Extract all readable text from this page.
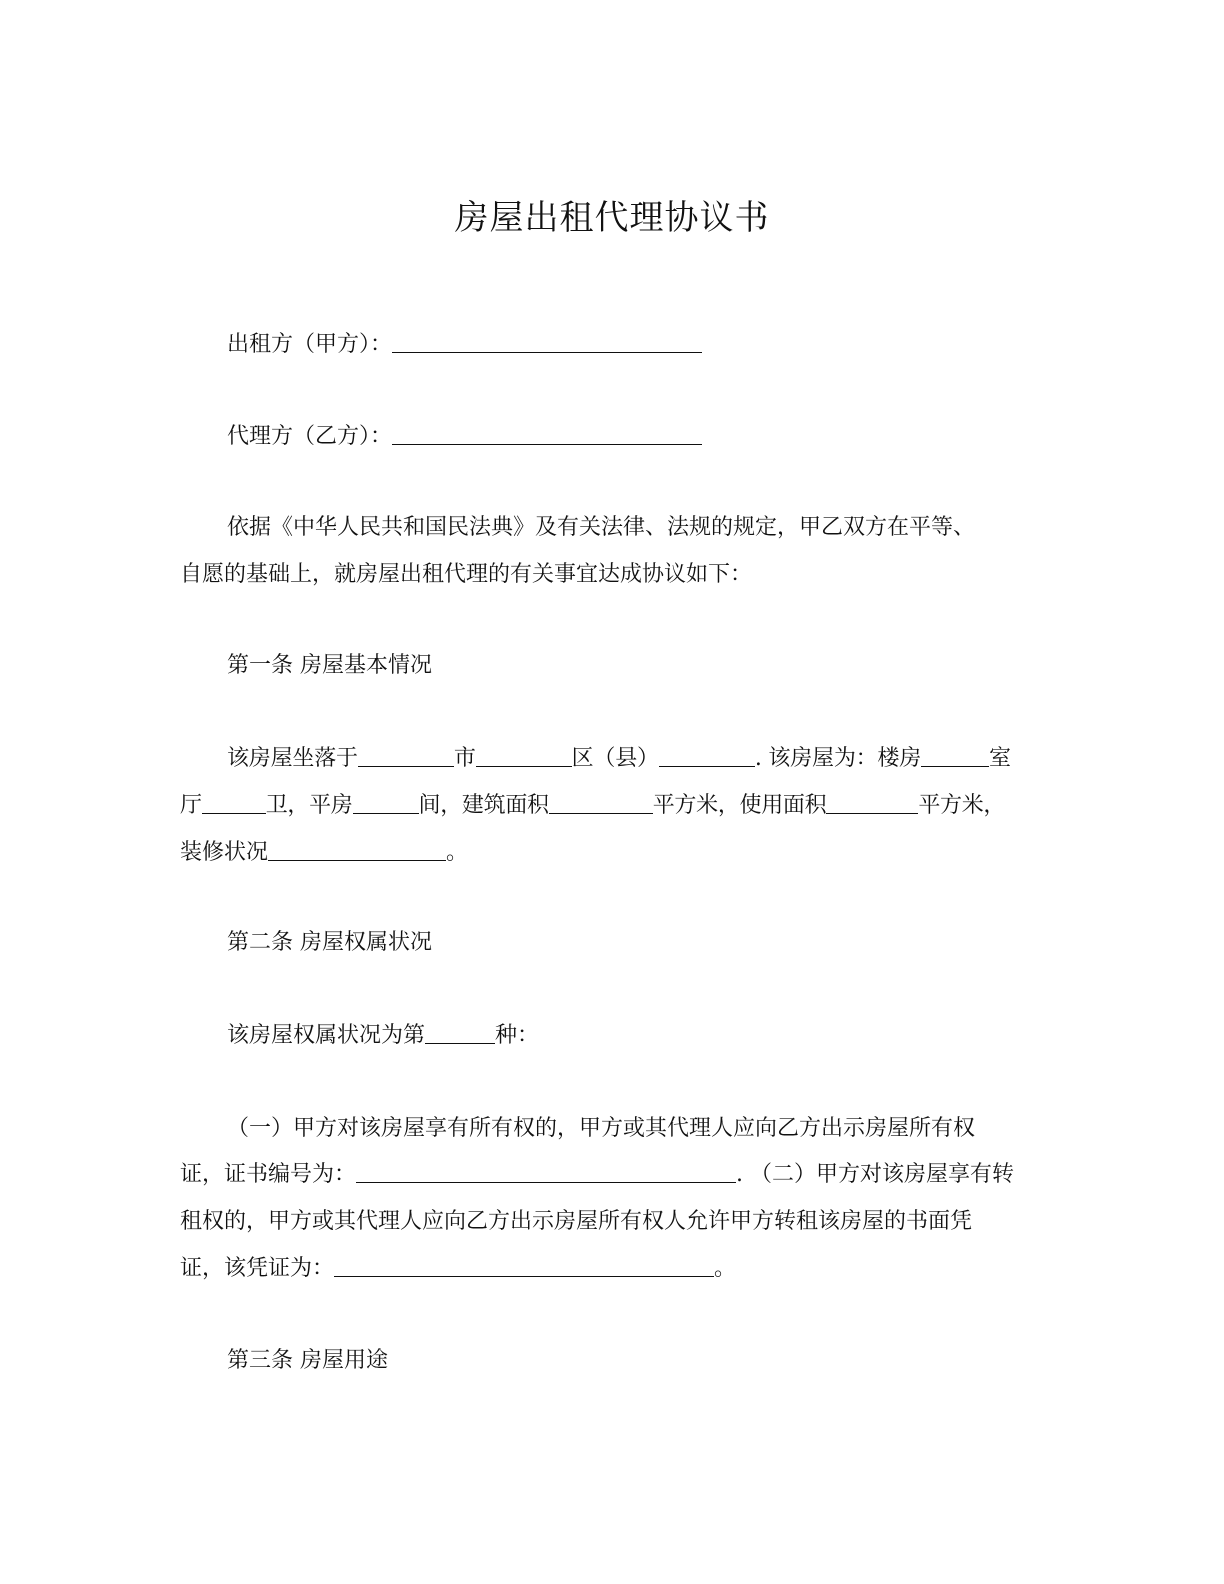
房屋出租代理协议书
出租方（甲方）：
代理方（乙方）：
依据《中华人民共和国民法典》及有关法律、法规的规定，甲乙双方在平等、
自愿的基础上，就房屋出租代理的有关事宜达成协议如下：
第一条 房屋基本情况
该房屋坐落于	市	区（县）	. 该房屋为：楼房	室
厅	卫，平房	间，建筑面积	平方米，使用面积	平方米，
装修状况	。
第二条 房屋权属状况
该房屋权属状况为第	种：
（一）甲方对该房屋享有所有权的，甲方或其代理人应向乙方出示房屋所有权
证，证书编号为：	. （二）甲方对该房屋享有转
租权的，甲方或其代理人应向乙方出示房屋所有权人允许甲方转租该房屋的书面凭
证，该凭证为：	。
第三条 房屋用途
